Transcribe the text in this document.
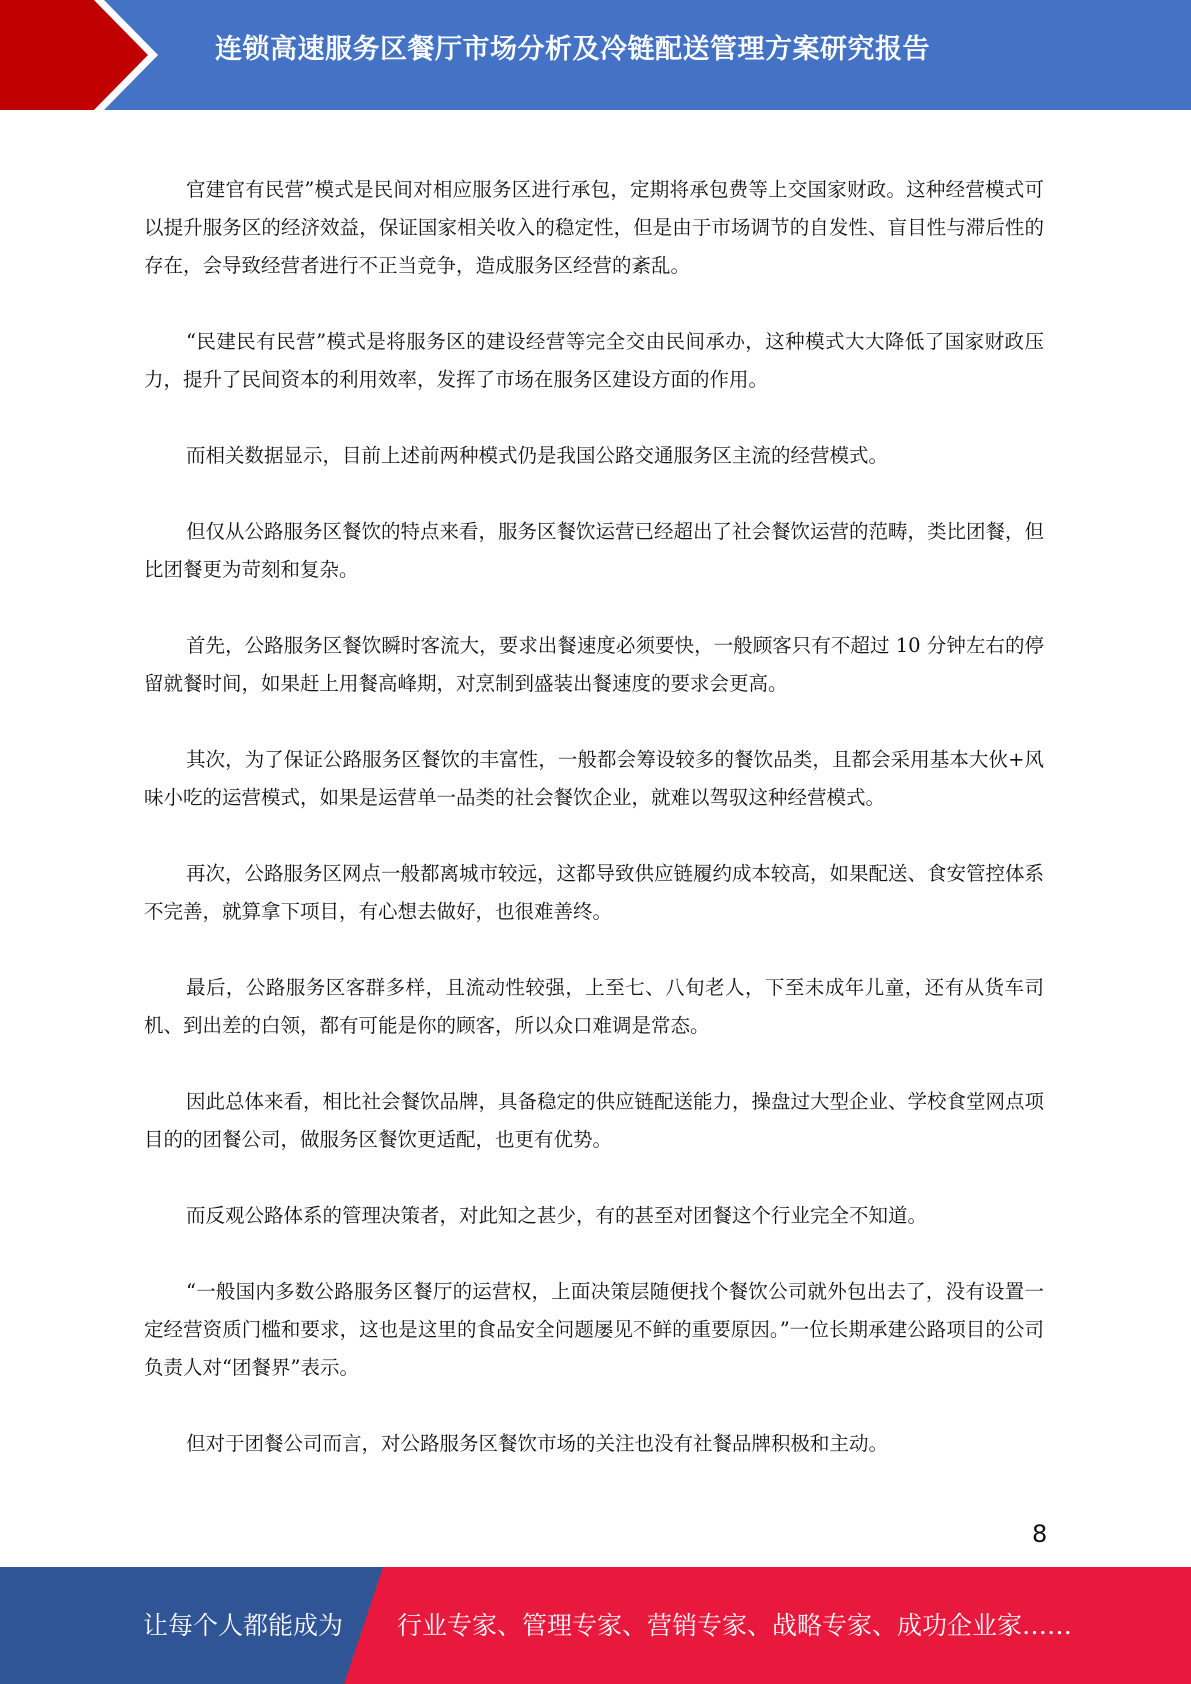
连锁高速服务区餐厅市场分析及冷链配送管理方案研究报告

官建官有民营”模式是民间对相应服务区进行承包，定期将承包费等上交国家财政。这种经营模式可以提升服务区的经济效益，保证国家相关收入的稳定性，但是由于市场调节的自发性、盲目性与滞后性的存在，会导致经营者进行不正当竞争，造成服务区经营的紊乱。

“民建民有民营”模式是将服务区的建设经营等完全交由民间承办，这种模式大大降低了国家财政压力，提升了民间资本的利用效率，发挥了市场在服务区建设方面的作用。

而相关数据显示，目前上述前两种模式仍是我国公路交通服务区主流的经营模式。

但仅从公路服务区餐饮的特点来看，服务区餐饮运营已经超出了社会餐饮运营的范畴，类比团餐，但比团餐更为苛刻和复杂。

首先，公路服务区餐饮瞬时客流大，要求出餐速度必须要快，一般顾客只有不超过 10 分钟左右的停留就餐时间，如果赶上用餐高峰期，对烹制到盛装出餐速度的要求会更高。

其次，为了保证公路服务区餐饮的丰富性，一般都会筹设较多的餐饮品类，且都会采用基本大伙+风味小吃的运营模式，如果是运营单一品类的社会餐饮企业，就难以驾驭这种经营模式。

再次，公路服务区网点一般都离城市较远，这都导致供应链履约成本较高，如果配送、食安管控体系不完善，就算拿下项目，有心想去做好，也很难善终。

最后，公路服务区客群多样，且流动性较强，上至七、八旬老人，下至未成年儿童，还有从货车司机、到出差的白领，都有可能是你的顾客，所以众口难调是常态。

因此总体来看，相比社会餐饮品牌，具备稳定的供应链配送能力，操盘过大型企业、学校食堂网点项目的的团餐公司，做服务区餐饮更适配，也更有优势。

而反观公路体系的管理决策者，对此知之甚少，有的甚至对团餐这个行业完全不知道。

“一般国内多数公路服务区餐厅的运营权，上面决策层随便找个餐饮公司就外包出去了，没有设置一定经营资质门槛和要求，这也是这里的食品安全问题屡见不鲜的重要原因。”一位长期承建公路项目的公司负责人对“团餐界”表示。

但对于团餐公司而言，对公路服务区餐饮市场的关注也没有社餐品牌积极和主动。

8
让每个人都能成为 行业专家、管理专家、营销专家、战略专家、成功企业家……
